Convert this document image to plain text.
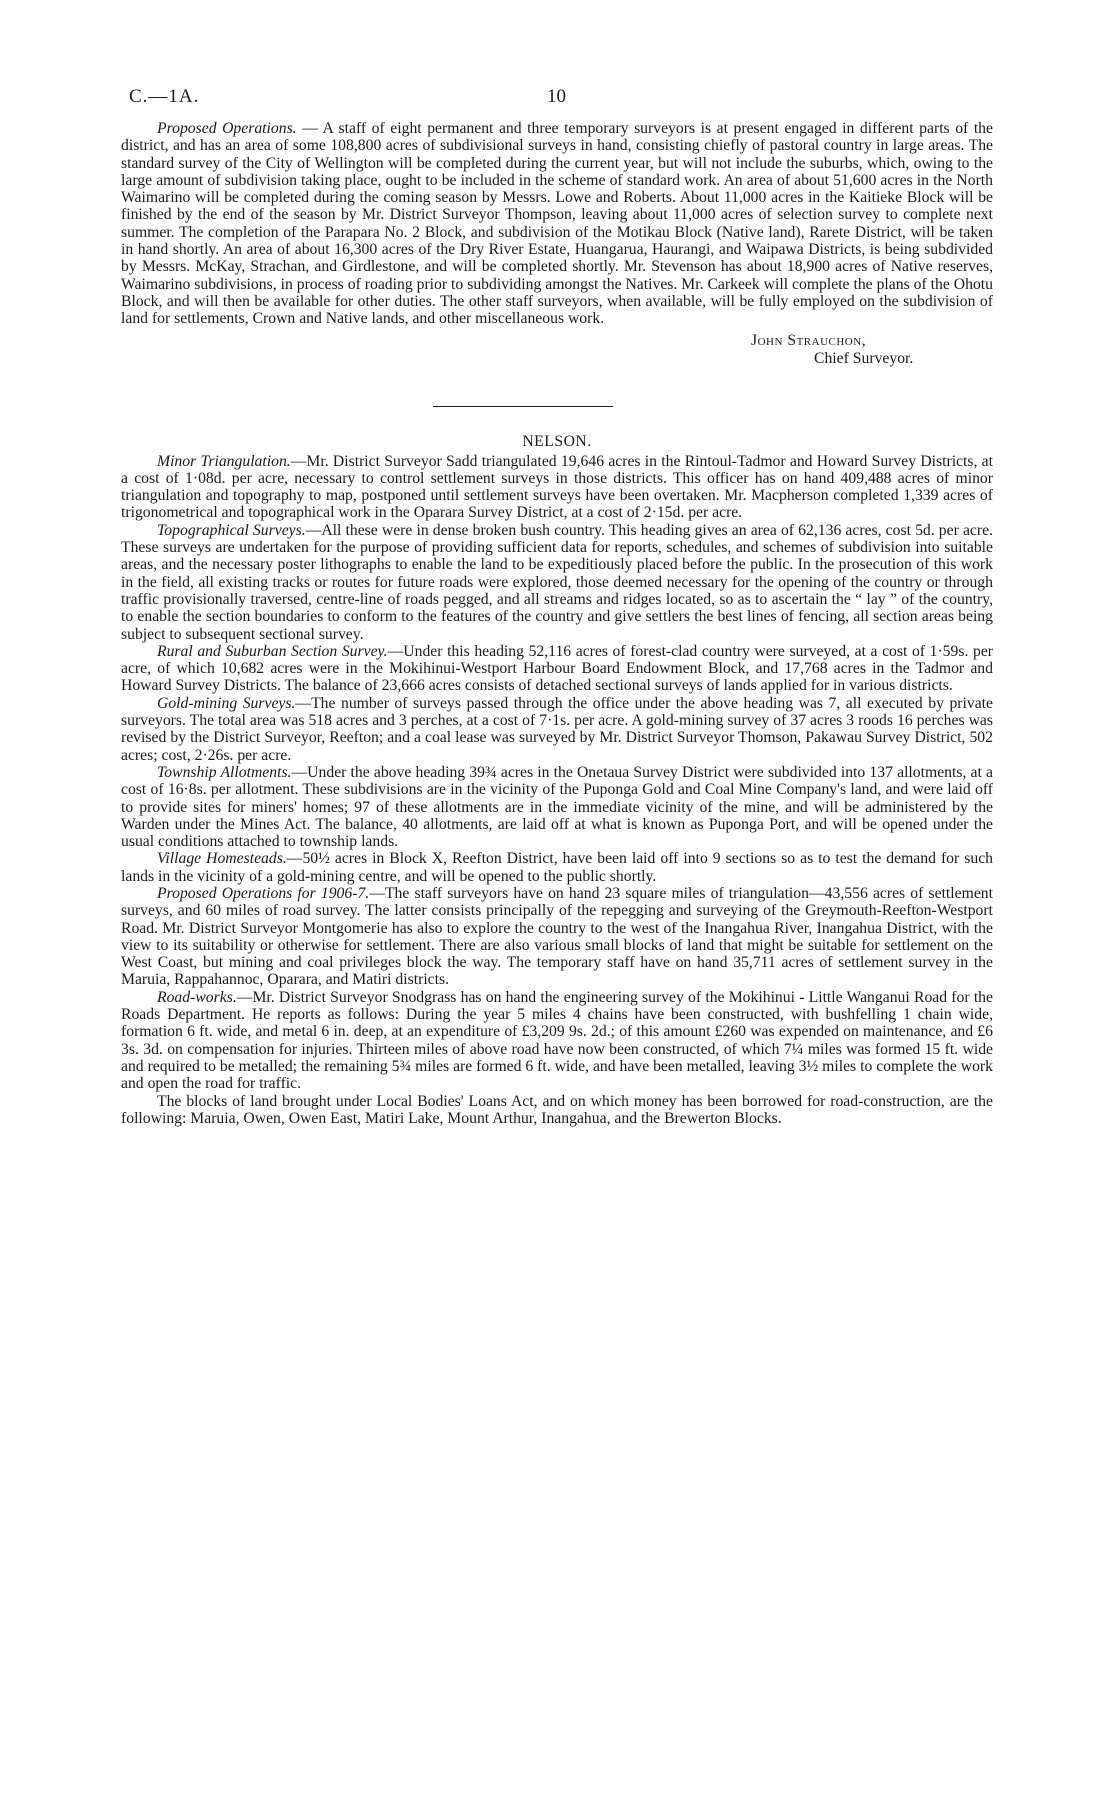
C.—1A.	10

Proposed Operations. — A staff of eight permanent and three temporary surveyors is at present engaged in different parts of the district, and has an area of some 108,800 acres of subdivisional surveys in hand, consisting chiefly of pastoral country in large areas. The standard survey of the City of Wellington will be completed during the current year, but will not include the suburbs, which, owing to the large amount of subdivision taking place, ought to be included in the scheme of standard work. An area of about 51,600 acres in the North Waimarino will be completed during the coming season by Messrs. Lowe and Roberts. About 11,000 acres in the Kaitieke Block will be finished by the end of the season by Mr. District Surveyor Thompson, leaving about 11,000 acres of selection survey to complete next summer. The completion of the Parapara No. 2 Block, and subdivision of the Motikau Block (Native land), Rarete District, will be taken in hand shortly. An area of about 16,300 acres of the Dry River Estate, Huangarua, Haurangi, and Waipawa Districts, is being subdivided by Messrs. McKay, Strachan, and Girdlestone, and will be completed shortly. Mr. Stevenson has about 18,900 acres of Native reserves, Waimarino subdivisions, in process of roading prior to subdividing amongst the Natives. Mr. Carkeek will complete the plans of the Ohotu Block, and will then be available for other duties. The other staff surveyors, when available, will be fully employed on the subdivision of land for settlements, Crown and Native lands, and other miscellaneous work.

John Strauchon,
Chief Surveyor.
NELSON.

Minor Triangulation.—Mr. District Surveyor Sadd triangulated 19,646 acres in the Rintoul-Tadmor and Howard Survey Districts, at a cost of 1·08d. per acre, necessary to control settlement surveys in those districts. This officer has on hand 409,488 acres of minor triangulation and topography to map, postponed until settlement surveys have been overtaken. Mr. Macpherson completed 1,339 acres of trigonometrical and topographical work in the Oparara Survey District, at a cost of 2·15d. per acre.

Topographical Surveys.—All these were in dense broken bush country. This heading gives an area of 62,136 acres, cost 5d. per acre. These surveys are undertaken for the purpose of providing sufficient data for reports, schedules, and schemes of subdivision into suitable areas, and the necessary poster lithographs to enable the land to be expeditiously placed before the public. In the prosecution of this work in the field, all existing tracks or routes for future roads were explored, those deemed necessary for the opening of the country or through traffic provisionally traversed, centre-line of roads pegged, and all streams and ridges located, so as to ascertain the “ lay ” of the country, to enable the section boundaries to conform to the features of the country and give settlers the best lines of fencing, all section areas being subject to subsequent sectional survey.

Rural and Suburban Section Survey.—Under this heading 52,116 acres of forest-clad country were surveyed, at a cost of 1·59s. per acre, of which 10,682 acres were in the Mokihinui-Westport Harbour Board Endowment Block, and 17,768 acres in the Tadmor and Howard Survey Districts. The balance of 23,666 acres consists of detached sectional surveys of lands applied for in various districts.

Gold-mining Surveys.—The number of surveys passed through the office under the above heading was 7, all executed by private surveyors. The total area was 518 acres and 3 perches, at a cost of 7·1s. per acre. A gold-mining survey of 37 acres 3 roods 16 perches was revised by the District Surveyor, Reefton; and a coal lease was surveyed by Mr. District Surveyor Thomson, Pakawau Survey District, 502 acres; cost, 2·26s. per acre.

Township Allotments.—Under the above heading 39¾ acres in the Onetaua Survey District were subdivided into 137 allotments, at a cost of 16·8s. per allotment. These subdivisions are in the vicinity of the Puponga Gold and Coal Mine Company's land, and were laid off to provide sites for miners' homes; 97 of these allotments are in the immediate vicinity of the mine, and will be administered by the Warden under the Mines Act. The balance, 40 allotments, are laid off at what is known as Puponga Port, and will be opened under the usual conditions attached to township lands.

Village Homesteads.—50½ acres in Block X, Reefton District, have been laid off into 9 sections so as to test the demand for such lands in the vicinity of a gold-mining centre, and will be opened to the public shortly.

Proposed Operations for 1906-7.—The staff surveyors have on hand 23 square miles of triangulation—43,556 acres of settlement surveys, and 60 miles of road survey. The latter consists principally of the repegging and surveying of the Greymouth-Reefton-Westport Road. Mr. District Surveyor Montgomerie has also to explore the country to the west of the Inangahua River, Inangahua District, with the view to its suitability or otherwise for settlement. There are also various small blocks of land that might be suitable for settlement on the West Coast, but mining and coal privileges block the way. The temporary staff have on hand 35,711 acres of settlement survey in the Maruia, Rappahannoc, Oparara, and Matiri districts.

Road-works.—Mr. District Surveyor Snodgrass has on hand the engineering survey of the Mokihinui - Little Wanganui Road for the Roads Department. He reports as follows: During the year 5 miles 4 chains have been constructed, with bushfelling 1 chain wide, formation 6 ft. wide, and metal 6 in. deep, at an expenditure of £3,209 9s. 2d.; of this amount £260 was expended on maintenance, and £6 3s. 3d. on compensation for injuries. Thirteen miles of above road have now been constructed, of which 7¼ miles was formed 15 ft. wide and required to be metalled; the remaining 5¾ miles are formed 6 ft. wide, and have been metalled, leaving 3½ miles to complete the work and open the road for traffic.

The blocks of land brought under Local Bodies' Loans Act, and on which money has been borrowed for road-construction, are the following: Maruia, Owen, Owen East, Matiri Lake, Mount Arthur, Inangahua, and the Brewerton Blocks.
